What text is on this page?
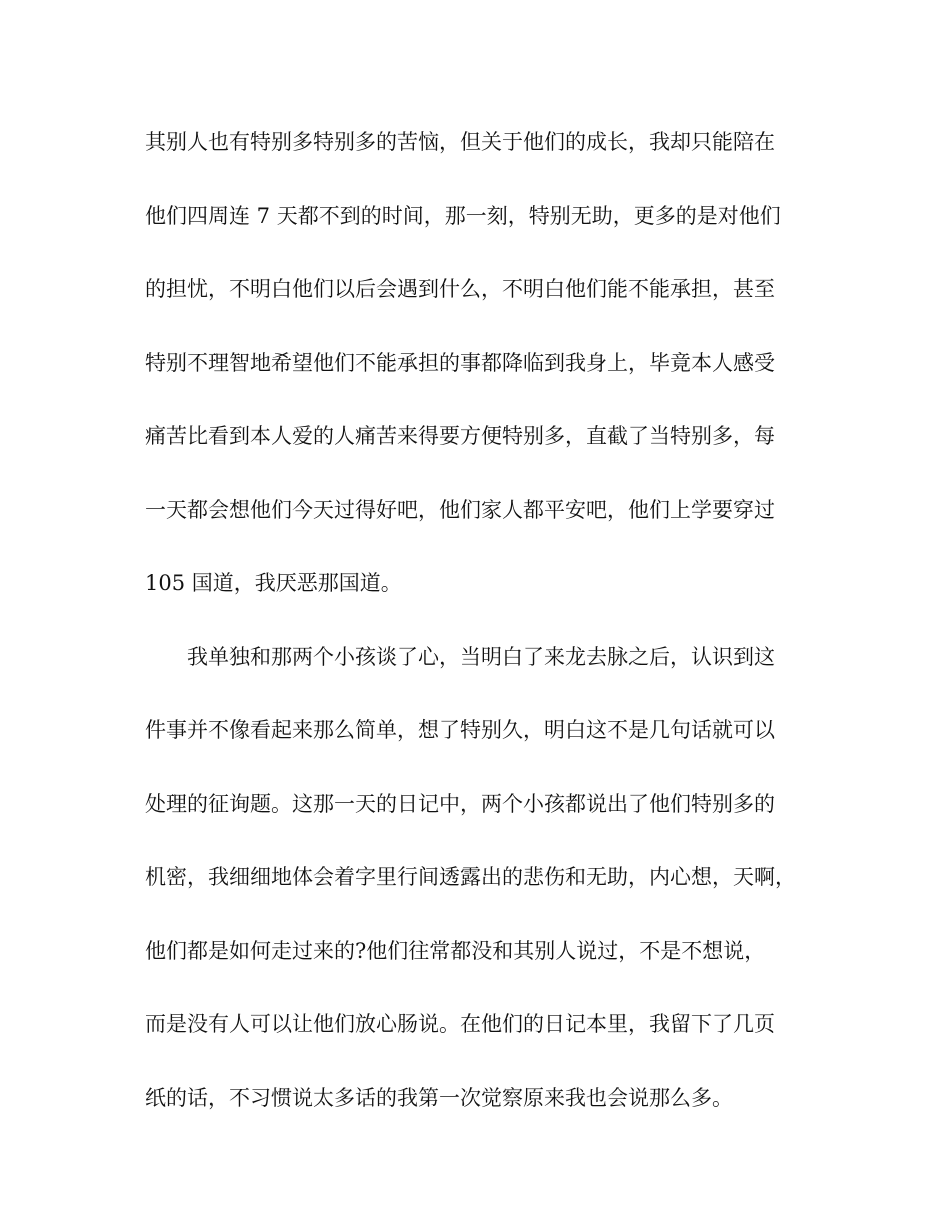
其别人也有特别多特别多的苦恼，但关于他们的成长，我却只能陪在
他们四周连 7 天都不到的时间，那一刻，特别无助，更多的是对他们
的担忧，不明白他们以后会遇到什么，不明白他们能不能承担，甚至
特别不理智地希望他们不能承担的事都降临到我身上，毕竟本人感受
痛苦比看到本人爱的人痛苦来得要方便特别多，直截了当特别多，每
一天都会想他们今天过得好吧，他们家人都平安吧，他们上学要穿过
105 国道，我厌恶那国道。
我单独和那两个小孩谈了心，当明白了来龙去脉之后，认识到这
件事并不像看起来那么简单，想了特别久，明白这不是几句话就可以
处理的征询题。这那一天的日记中，两个小孩都说出了他们特别多的
机密，我细细地体会着字里行间透露出的悲伤和无助，内心想，天啊，
他们都是如何走过来的?他们往常都没和其别人说过，不是不想说，
而是没有人可以让他们放心肠说。在他们的日记本里，我留下了几页
纸的话，不习惯说太多话的我第一次觉察原来我也会说那么多。
